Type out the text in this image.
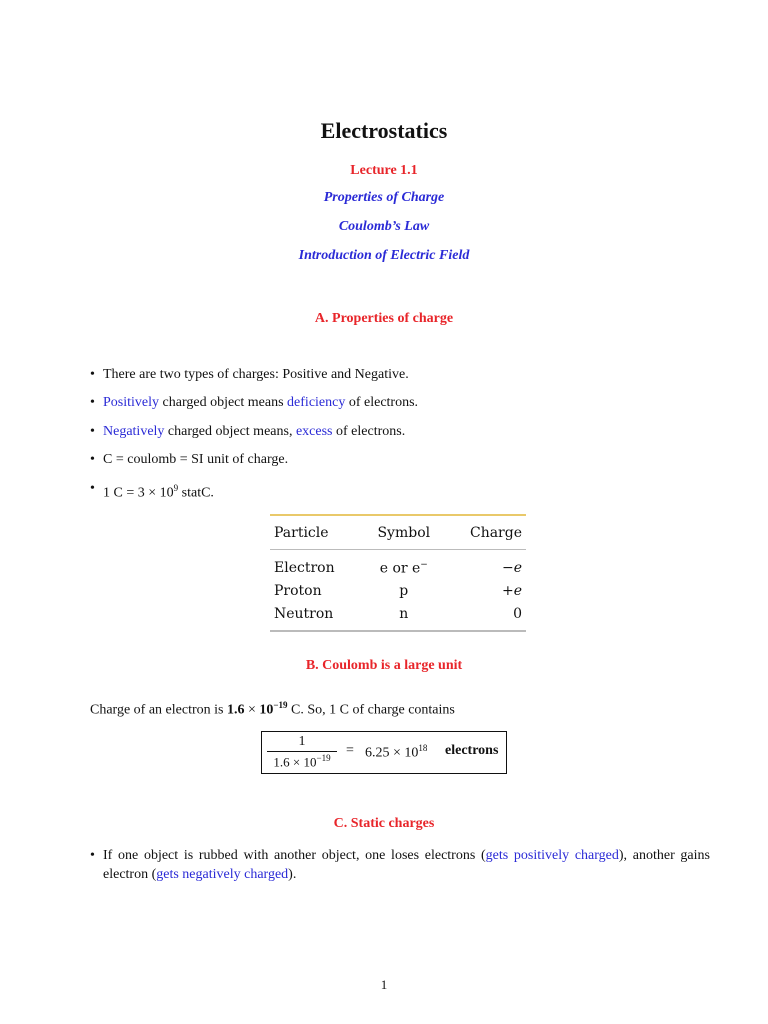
Electrostatics
Lecture 1.1
Properties of Charge
Coulomb’s Law
Introduction of Electric Field
A. Properties of charge
• There are two types of charges: Positive and Negative.
• Positively charged object means deficiency of electrons.
• Negatively charged object means, excess of electrons.
• C = coulomb = SI unit of charge.
• 1 $C = 3 \times 10^9$ statC.
Particle	Symbol	Charge
Electron	e or e−	−e
Proton	p	+e
Neutron	n	0
B. Coulomb is a large unit
Charge of an electron is $1.6 \times 10^{-19}$ C. So, 1 C of charge contains
$\frac{1}{1.6 \times 10^{-19}} = 6.25 \times 10^{18}$ electrons
C. Static charges
• If one object is rubbed with another object, one loses electrons (gets positively charged), another gains electron (gets negatively charged).
1
